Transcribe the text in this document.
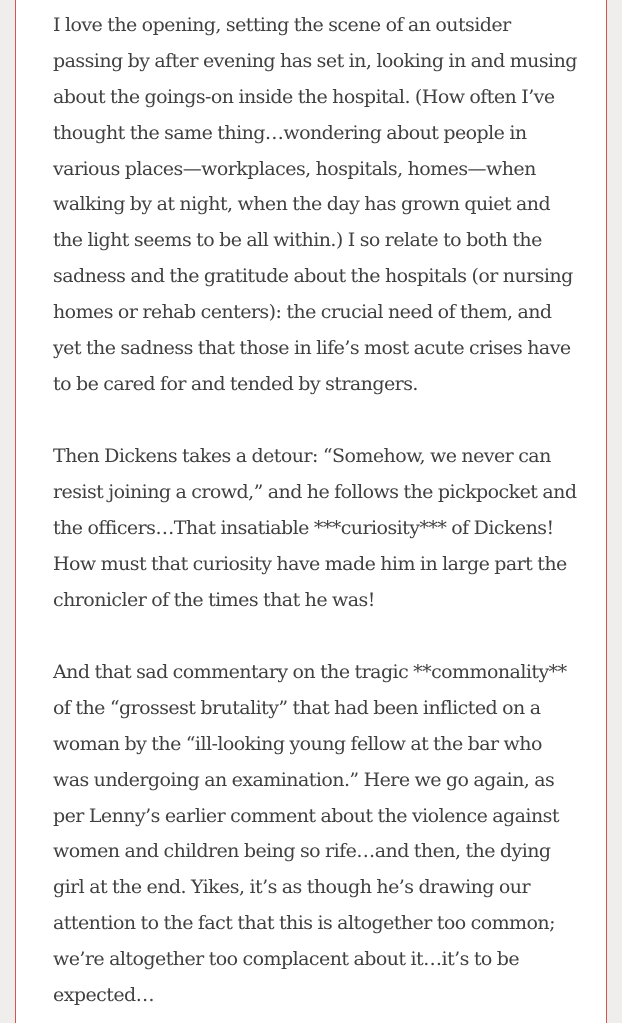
I love the opening, setting the scene of an outsider
passing by after evening has set in, looking in and musing
about the goings-on inside the hospital. (How often I’ve
thought the same thing…wondering about people in
various places—workplaces, hospitals, homes—when
walking by at night, when the day has grown quiet and
the light seems to be all within.) I so relate to both the
sadness and the gratitude about the hospitals (or nursing
homes or rehab centers): the crucial need of them, and
yet the sadness that those in life’s most acute crises have
to be cared for and tended by strangers.
Then Dickens takes a detour: “Somehow, we never can
resist joining a crowd,” and he follows the pickpocket and
the officers…That insatiable ***curiosity*** of Dickens!
How must that curiosity have made him in large part the
chronicler of the times that he was!
And that sad commentary on the tragic **commonality**
of the “grossest brutality” that had been inflicted on a
woman by the “ill-looking young fellow at the bar who
was undergoing an examination.” Here we go again, as
per Lenny’s earlier comment about the violence against
women and children being so rife…and then, the dying
girl at the end. Yikes, it’s as though he’s drawing our
attention to the fact that this is altogether too common;
we’re altogether too complacent about it…it’s to be
expected…
